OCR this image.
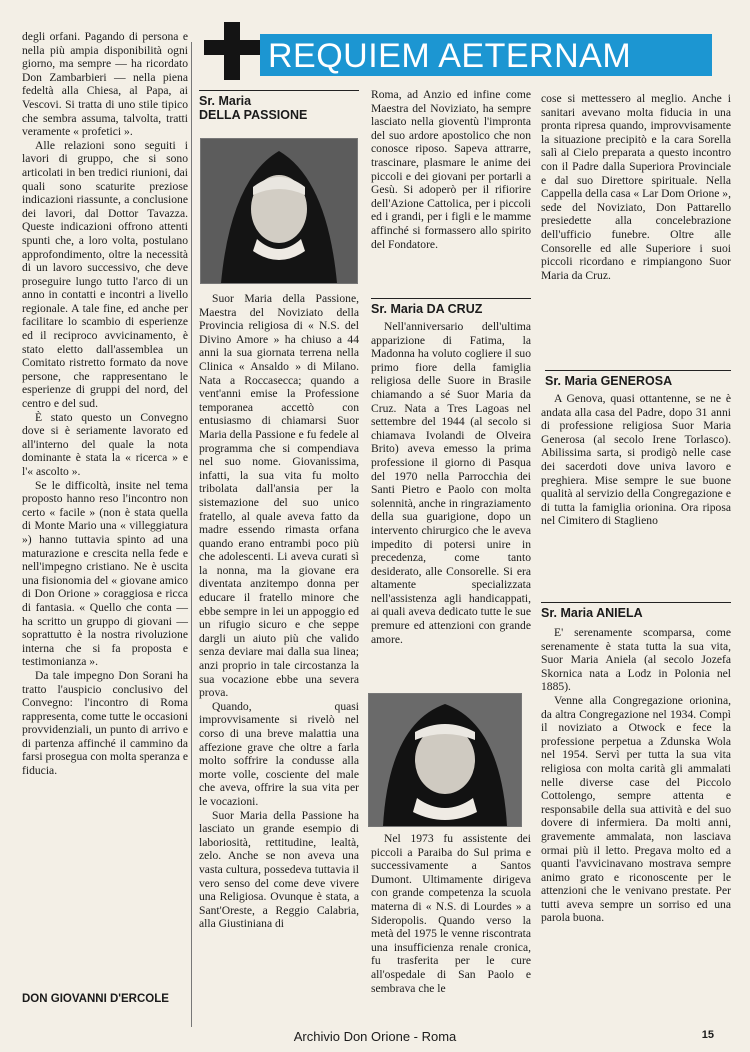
REQUIEM AETERNAM

degli orfani. Pagando di persona e nella più ampia disponibilità ogni giorno, ma sempre — ha ricordato Don Zambarbieri — nella piena fedeltà alla Chiesa, al Papa, ai Vescovi. Si tratta di uno stile tipico che sembra assuma, talvolta, tratti veramente « profetici ».

Alle relazioni sono seguiti i lavori di gruppo, che si sono articolati in ben tredici riunioni, dai quali sono scaturite preziose indicazioni riassunte, a conclusione dei lavori, dal Dottor Tavazza. Queste indicazioni offrono attenti spunti che, a loro volta, postulano approfondimento, oltre la necessità di un lavoro successivo, che deve proseguire lungo tutto l'arco di un anno in contatti e incontri a livello regionale. A tale fine, ed anche per facilitare lo scambio di esperienze ed il reciproco avvicinamento, è stato eletto dall'assemblea un Comitato ristretto formato da nove persone, che rappresentano le esperienze di gruppi del nord, del centro e del sud.

È stato questo un Convegno dove si è seriamente lavorato ed all'interno del quale la nota dominante è stata la « ricerca » e l'« ascolto ».

Se le difficoltà, insite nel tema proposto hanno reso l'incontro non certo « facile » (non è stata quella di Monte Mario una « villeggiatura ») hanno tuttavia spinto ad una maturazione e crescita nella fede e nell'impegno cristiano. Ne è uscita una fisionomia del « giovane amico di Don Orione » coraggiosa e ricca di fantasia. « Quello che conta — ha scritto un gruppo di giovani — soprattutto è la nostra rivoluzione interna che si fa proposta e testimonianza ».

Da tale impegno Don Sorani ha tratto l'auspicio conclusivo del Convegno: l'incontro di Roma rappresenta, come tutte le occasioni provvidenziali, un punto di arrivo e di partenza affinché il cammino da farsi prosegua con molta speranza e fiducia.

DON GIOVANNI D'ERCOLE
Sr. Maria
DELLA PASSIONE

Suor Maria della Passione, Maestra del Noviziato della Provincia religiosa di « N.S. del Divino Amore » ha chiuso a 44 anni la sua giornata terrena nella Clinica « Ansaldo » di Milano. Nata a Roccasecca; quando a vent'anni emise la Professione temporanea accettò con entusiasmo di chiamarsi Suor Maria della Passione e fu fedele al programma che si compendiava nel suo nome. Giovanissima, infatti, la sua vita fu molto tribolata dall'ansia per la sistemazione del suo unico fratello, al quale aveva fatto da madre essendo rimasta orfana quando erano entrambi poco più che adolescenti. Li aveva curati sì la nonna, ma la giovane era diventata anzitempo donna per educare il fratello minore che ebbe sempre in lei un appoggio ed un rifugio sicuro e che seppe dargli un aiuto più che valido senza deviare mai dalla sua linea; anzi proprio in tale circostanza la sua vocazione ebbe una severa prova.

Quando, quasi improvvisamente si rivelò nel corso di una breve malattia una affezione grave che oltre a farla molto soffrire la condusse alla morte volle, cosciente del male che aveva, offrire la sua vita per le vocazioni.

Suor Maria della Passione ha lasciato un grande esempio di laboriosità, rettitudine, lealtà, zelo. Anche se non aveva una vasta cultura, possedeva tuttavia il vero senso del come deve vivere una Religiosa. Ovunque è stata, a Sant'Oreste, a Reggio Calabria, alla Giustiniana di

Roma, ad Anzio ed infine come Maestra del Noviziato, ha sempre lasciato nella gioventù l'impronta del suo ardore apostolico che non conosce riposo. Sapeva attrarre, trascinare, plasmare le anime dei piccoli e dei giovani per portarli a Gesù. Si adoperò per il rifiorire dell'Azione Cattolica, per i piccoli ed i grandi, per i figli e le mamme affinché si formassero allo spirito del Fondatore.

Sr. Maria DA CRUZ

Nell'anniversario dell'ultima apparizione di Fatima, la Madonna ha voluto cogliere il suo primo fiore della famiglia religiosa delle Suore in Brasile chiamando a sé Suor Maria da Cruz. Nata a Tres Lagoas nel settembre del 1944 (al secolo si chiamava Ivolandi de Olveira Brito) aveva emesso la prima professione il giorno di Pasqua del 1970 nella Parrocchia dei Santi Pietro e Paolo con molta solennità, anche in ringraziamento della sua guarigione, dopo un intervento chirurgico che le aveva impedito di potersi unire in precedenza, come tanto desiderato, alle Consorelle. Si era altamente specializzata nell'assistenza agli handicappati, ai quali aveva dedicato tutte le sue premure ed attenzioni con grande amore.

Nel 1973 fu assistente dei piccoli a Paraiba do Sul prima e successivamente a Santos Dumont. Ultimamente dirigeva con grande competenza la scuola materna di « N.S. di Lourdes » a Sideropolis. Quando verso la metà del 1975 le venne riscontrata una insufficienza renale cronica, fu trasferita per le cure all'ospedale di San Paolo e sembrava che le

cose si mettessero al meglio. Anche i sanitari avevano molta fiducia in una pronta ripresa quando, improvvisamente la situazione precipitò e la cara Sorella salì al Cielo preparata a questo incontro con il Padre dalla Superiora Provinciale e dal suo Direttore spirituale. Nella Cappella della casa « Lar Dom Orione », sede del Noviziato, Don Pattarello presiedette alla concelebrazione dell'ufficio funebre. Oltre alle Consorelle ed alle Superiore i suoi piccoli ricordano e rimpiangono Suor Maria da Cruz.

Sr. Maria GENEROSA

A Genova, quasi ottantenne, se ne è andata alla casa del Padre, dopo 31 anni di professione religiosa Suor Maria Generosa (al secolo Irene Torlasco). Abilissima sarta, si prodigò nelle case dei sacerdoti dove univa lavoro e preghiera. Mise sempre le sue buone qualità al servizio della Congregazione e di tutta la famiglia orionina. Ora riposa nel Cimitero di Staglieno

Sr. Maria ANIELA

E' serenamente scomparsa, come serenamente è stata tutta la sua vita, Suor Maria Aniela (al secolo Jozefa Skornica nata a Lodz in Polonia nel 1885).

Venne alla Congregazione orionina, da altra Congregazione nel 1934. Compì il noviziato a Otwock e fece la professione perpetua a Zdunska Wola nel 1954. Servì per tutta la sua vita religiosa con molta carità gli ammalati nelle diverse case del Piccolo Cottolengo, sempre attenta e responsabile della sua attività e del suo dovere di infermiera. Da molti anni, gravemente ammalata, non lasciava ormai più il letto. Pregava molto ed a quanti l'avvicinavano mostrava sempre animo grato e riconoscente per le attenzioni che le venivano prestate. Per tutti aveva sempre un sorriso ed una parola buona.

Archivio Don Orione - Roma	15
